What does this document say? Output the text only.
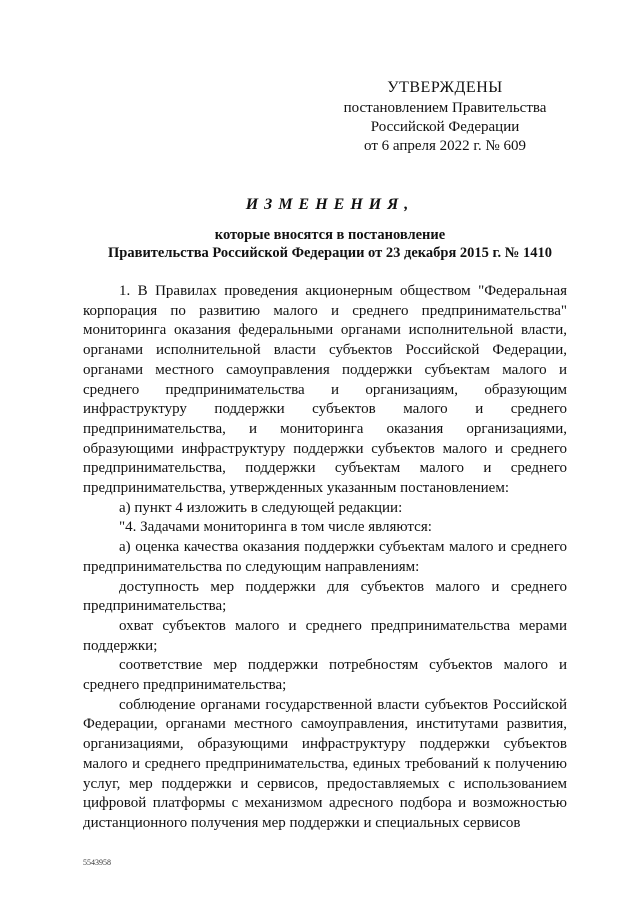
УТВЕРЖДЕНЫ
постановлением Правительства
Российской Федерации
от 6 апреля 2022 г. № 609
ИЗМЕНЕНИЯ,
которые вносятся в постановление
Правительства Российской Федерации от 23 декабря 2015 г. № 1410

1. В Правилах проведения акционерным обществом "Федеральная корпорация по развитию малого и среднего предпринимательства" мониторинга оказания федеральными органами исполнительной власти, органами исполнительной власти субъектов Российской Федерации, органами местного самоуправления поддержки субъектам малого и среднего предпринимательства и организациям, образующим инфраструктуру поддержки субъектов малого и среднего предпринимательства, и мониторинга оказания организациями, образующими инфраструктуру поддержки субъектов малого и среднего предпринимательства, поддержки субъектам малого и среднего предпринимательства, утвержденных указанным постановлением:

а) пункт 4 изложить в следующей редакции:

"4. Задачами мониторинга в том числе являются:

а) оценка качества оказания поддержки субъектам малого и среднего предпринимательства по следующим направлениям:

доступность мер поддержки для субъектов малого и среднего предпринимательства;

охват субъектов малого и среднего предпринимательства мерами поддержки;

соответствие мер поддержки потребностям субъектов малого и среднего предпринимательства;

соблюдение органами государственной власти субъектов Российской Федерации, органами местного самоуправления, институтами развития, организациями, образующими инфраструктуру поддержки субъектов малого и среднего предпринимательства, единых требований к получению услуг, мер поддержки и сервисов, предоставляемых с использованием цифровой платформы с механизмом адресного подбора и возможностью дистанционного получения мер поддержки и специальных сервисов

5543958
